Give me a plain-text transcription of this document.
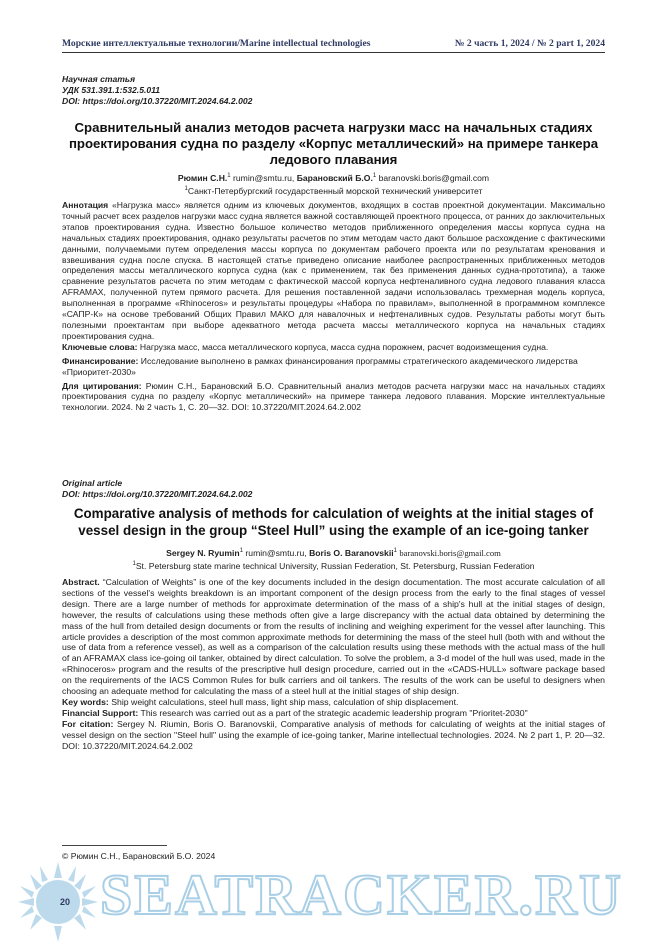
Морские интеллектуальные технологии/Marine intellectual technologies	№ 2 часть 1, 2024 / № 2 part 1, 2024
Научная статья
УДК 531.391.1:532.5.011
DOI: https://doi.org/10.37220/MIT.2024.64.2.002
Сравнительный анализ методов расчета нагрузки масс на начальных стадиях проектирования судна по разделу «Корпус металлический» на примере танкера ледового плавания
Рюмин С.Н.$^1$ rumin@smtu.ru, Барановский Б.О.$^1$ baranovski.boris@gmail.com
$^1$Санкт-Петербургский государственный морской технический университет

Аннотация «Нагрузка масс» является одним из ключевых документов, входящих в состав проектной документации. Максимально точный расчет всех разделов нагрузки масс судна является важной составляющей проектного процесса, от ранних до заключительных этапов проектирования судна. Известно большое количество методов приближенного определения массы корпуса судна на начальных стадиях проектирования, однако результаты расчетов по этим методам часто дают большое расхождение с фактическими данными, получаемыми путем определения массы корпуса по документам рабочего проекта или по результатам кренования и взвешивания судна после спуска. В настоящей статье приведено описание наиболее распространенных приближенных методов определения массы металлического корпуса судна (как с применением, так без применения данных судна-прототипа), а также сравнение результатов расчета по этим методам с фактической массой корпуса нефтеналивного судна ледового плавания класса AFRAMAX, полученной путем прямого расчета. Для решения поставленной задачи использовалась трехмерная модель корпуса, выполненная в программе «Rhinoceros» и результаты процедуры «Набора по правилам», выполненной в программном комплексе «САПР-К» на основе требований Общих Правил МАКО для навалочных и нефтеналивных судов. Результаты работы могут быть полезными проектантам при выборе адекватного метода расчета массы металлического корпуса на начальных стадиях проектирования судна.

Ключевые слова: Нагрузка масс, масса металлического корпуса, масса судна порожнем, расчет водоизмещения судна.

Финансирование: Исследование выполнено в рамках финансирования программы стратегического академического лидерства «Приоритет-2030»

Для цитирования: Рюмин С.Н., Барановский Б.О. Сравнительный анализ методов расчета нагрузки масс на начальных стадиях проектирования судна по разделу «Корпус металлический» на примере танкера ледового плавания. Морские интеллектуальные технологии. 2024. № 2 часть 1, С. 20—32. DOI: 10.37220/MIT.2024.64.2.002

Original article
DOI: https://doi.org/10.37220/MIT.2024.64.2.002
Comparative analysis of methods for calculation of weights at the initial stages of vessel design in the group “Steel Hull” using the example of an ice-going tanker
Sergey N. Ryumin$^1$ rumin@smtu.ru, Boris O. Baranovskii$^1$ baranovski.boris@gmail.com
$^1$St. Petersburg state marine technical University, Russian Federation, St. Petersburg, Russian Federation

Abstract. “Calculation of Weights” is one of the key documents included in the design documentation. The most accurate calculation of all sections of the vessel's weights breakdown is an important component of the design process from the early to the final stages of vessel design. There are a large number of methods for approximate determination of the mass of a ship's hull at the initial stages of design, however, the results of calculations using these methods often give a large discrepancy with the actual data obtained by determining the mass of the hull from detailed design documents or from the results of inclining and weighing experiment for the vessel after launching. This article provides a description of the most common approximate methods for determining the mass of the steel hull (both with and without the use of data from a reference vessel), as well as a comparison of the calculation results using these methods with the actual mass of the hull of an AFRAMAX class ice-going oil tanker, obtained by direct calculation. To solve the problem, a 3-d model of the hull was used, made in the «Rhinoceros» program and the results of the prescriptive hull design procedure, carried out in the «CADS-HULL» software package based on the requirements of the IACS Common Rules for bulk carriers and oil tankers. The results of the work can be useful to designers when choosing an adequate method for calculating the mass of a steel hull at the initial stages of ship design.

Key words: Ship weight calculations, steel hull mass, light ship mass, calculation of ship displacement.

Financial Support: This research was carried out as a part of the strategic academic leadership program "Prioritet-2030"

For citation: Sergey N. Riumin, Boris O. Baranovskii, Comparative analysis of methods for calculating of weights at the initial stages of vessel design on the section "Steel hull" using the example of ice-going tanker, Marine intellectual technologies. 2024. № 2 part 1, P. 20—32. DOI: 10.37220/MIT.2024.64.2.002

© Рюмин С.Н., Барановский Б.О. 2024
SEATRACKER.RU
20
